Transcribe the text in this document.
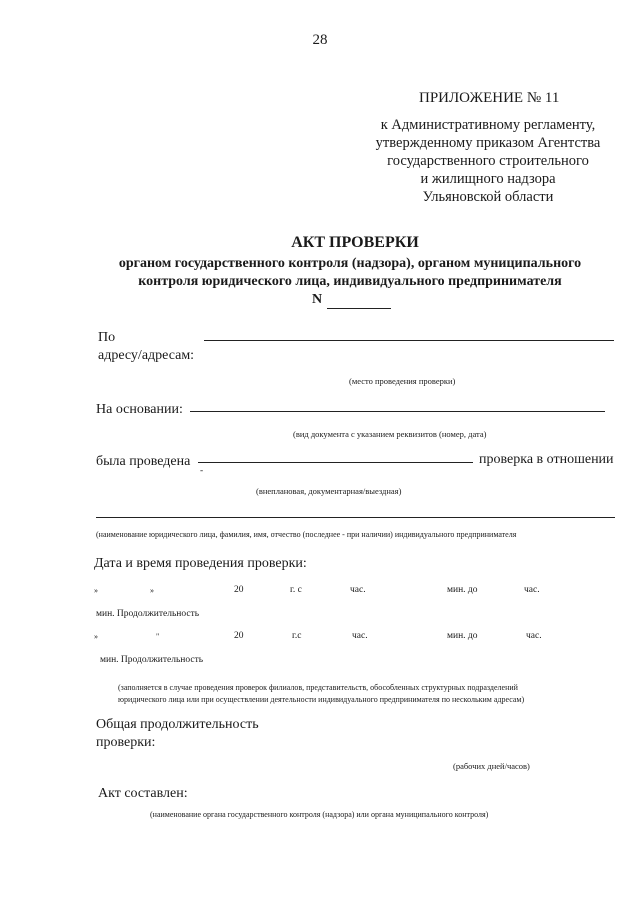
28
ПРИЛОЖЕНИЕ № 11
к Административному регламенту,
утвержденному приказом Агентства
государственного строительного
и жилищного надзора
Ульяновской области
АКТ ПРОВЕРКИ
органом государственного контроля (надзора), органом муниципального
контроля юридического лица, индивидуального предпринимателя
N
По
адресу/адресам:
(место проведения проверки)
На основании:
(вид документа с указанием реквизитов (номер, дата)
была проведена	проверка в отношении
-
(внеплановая, документарная/выездная)
(наименование юридического лица, фамилия, имя, отчество (последнее - при наличии) индивидуального предпринимателя
Дата и время проведения проверки:
»	»	20	г. с	час.	мин. до	час.
мин. Продолжительность
»	"	20	г.с	час.	мин. до	час.
мин. Продолжительность
(заполняется в случае проведения проверок филиалов, представительств, обособленных структурных подразделений
юридического лица или при осуществлении деятельности индивидуального предпринимателя по нескольким адресам)
Общая продолжительность
проверки:
(рабочих дней/часов)
Акт составлен:
(наименование органа государственного контроля (надзора) или органа муниципального контроля)
